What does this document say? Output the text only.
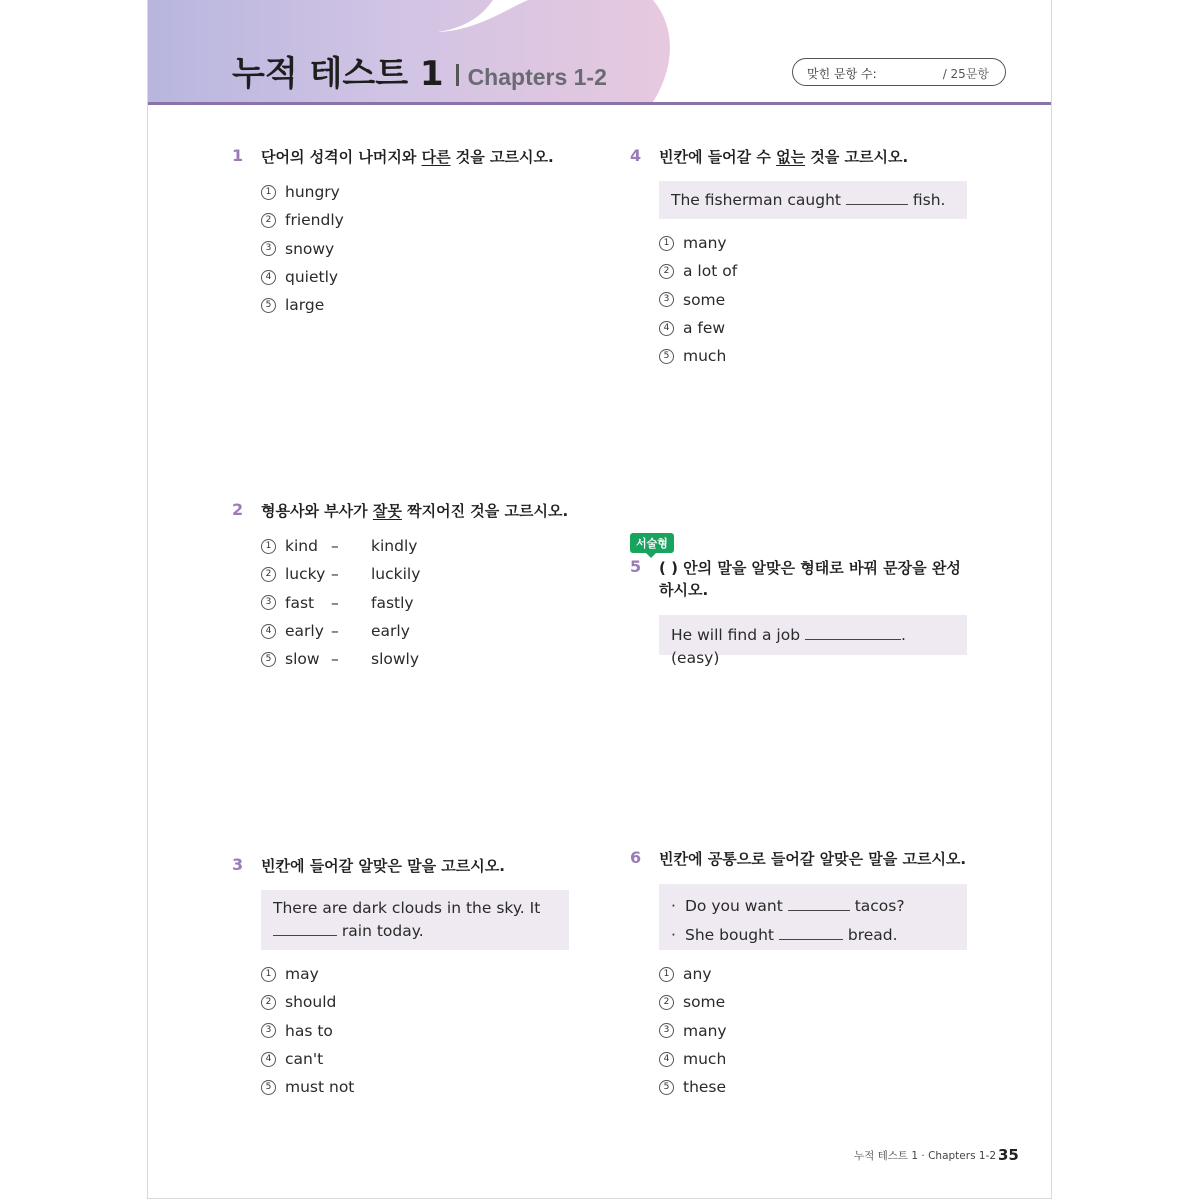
누적 테스트 1 Chapters 1-2	맞힌 문항 수:	/ 25문항
1 단어의 성격이 나머지와 다른 것을 고르시오.
1 hungry
2 friendly
3 snowy
4 quietly
5 large
2 형용사와 부사가 잘못 짝지어진 것을 고르시오.
1 kind –	kindly
2 lucky –	luckily
3 fast	–	fastly
4 early –	early
5 slow –	slowly
3 빈칸에 들어갈 알맞은 말을 고르시오.
There are dark clouds in the sky. It
rain today.
1 may
2 should
3 has to
4 can't
5 must not
4 빈칸에 들어갈 수 없는 것을 고르시오.
The fisherman caught	fish.
1 many
2 a lot of
3 some
4 a few
5 much
서술형
5 ( ) 안의 말을 알맞은 형태로 바꿔 문장을 완성하시오.
He will find a job	. (easy)
6 빈칸에 공통으로 들어갈 알맞은 말을 고르시오.
· Do you want	tacos?
· She bought	bread.
1 any
2 some
3 many
4 much
5 these
누적 테스트 1 · Chapters 1-2 35
